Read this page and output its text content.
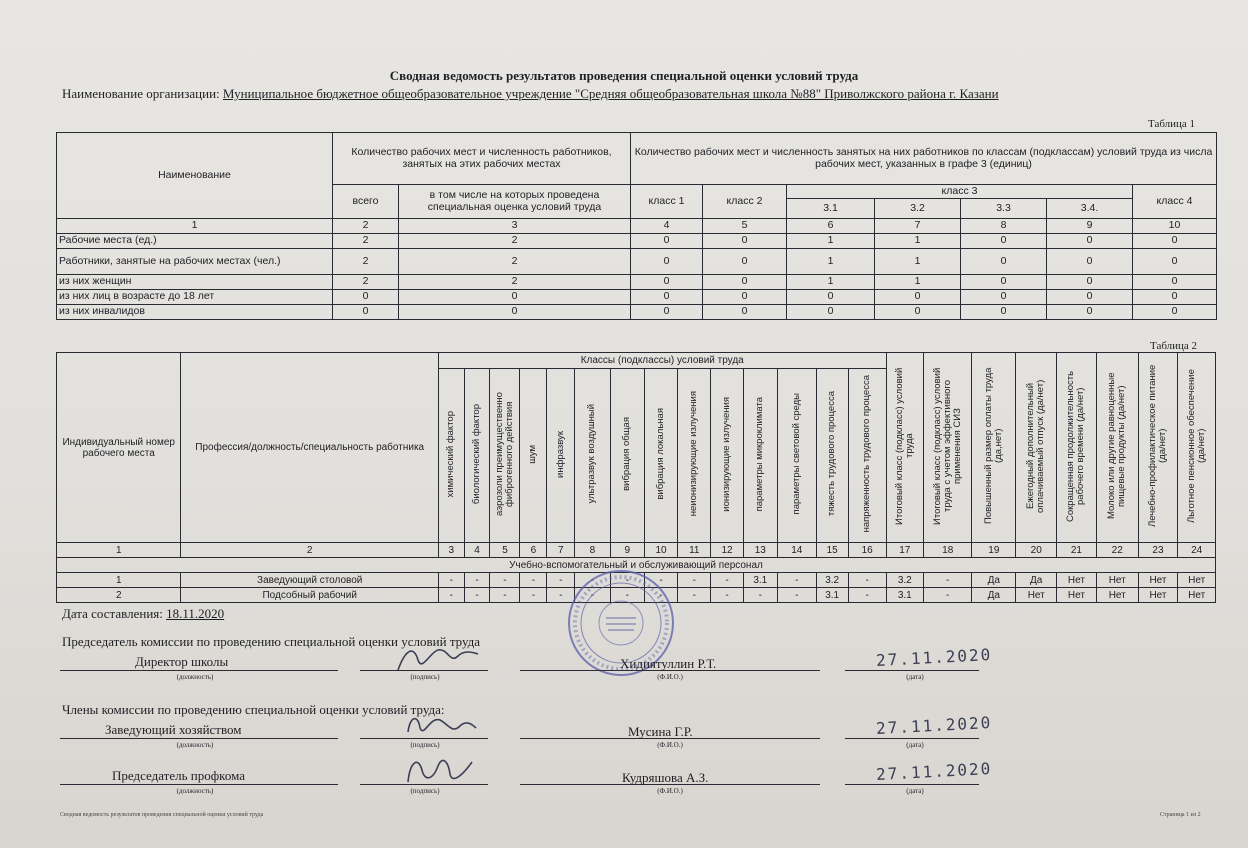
Сводная ведомость результатов проведения специальной оценки условий труда
Наименование организации: Муниципальное бюджетное общеобразовательное учреждение "Средняя общеобразовательная школа №88" Приволжского района г. Казани
Таблица 1
Наименование	Количество рабочих мест и численность работников, занятых на этих рабочих местах		Количество рабочих мест и численность занятых на них работников по классам (подклассам) условий труда из числа рабочих мест, указанных в графе 3 (единиц)						
	всего	в том числе на которых проведена специальная оценка условий труда	класс 1	класс 2	класс 3				класс 4
					3.1	3.2	3.3	3.4.	
1	2	3	4	5	6	7	8	9	10
Рабочие места (ед.)	2	2	0	0	1	1	0	0	0
Работники, занятые на рабочих местах (чел.)	2	2	0	0	1	1	0	0	0
из них женщин	2	2	0	0	1	1	0	0	0
из них лиц в возрасте до 18 лет	0	0	0	0	0	0	0	0	0
из них инвалидов	0	0	0	0	0	0	0	0	0
Таблица 2
Индивидуальный номер рабочего места	Профессия/должность/специальность работника	Классы (подклассы) условий труда														Итоговый класс (подкласс) условий труда	Итоговый класс (подкласс) условий труда с учетом эффективного применения СИЗ	Повышенный размер оплаты труда (да,нет)	Ежегодный дополнительный оплачиваемый отпуск (да/нет)	Сокращенная продолжительность рабочего времени (да/нет)	Молоко или другие равноценные пищевые продукты (да/нет)	Лечебно-профилактическое питание (да/нет)	Льготное пенсионное обеспечение (да/нет)
		химический фактор	биологический фактор	аэрозоли преимущественно фиброгенного действия	шум	инфразвук	ультразвук воздушный	вибрация общая	вибрация локальная	неионизирующие излучения	ионизирующие излучения	параметры микроклимата	параметры световой среды	тяжесть трудового процесса	напряженность трудового процесса								
1	2	3	4	5	6	7	8	9	10	11	12	13	14	15	16	17	18	19	20	21	22	23	24
Учебно-вспомогательный и обслуживающий персонал																							
1	Заведующий столовой	-	-	-	-	-	-	-	-	-	-	3.1	-	3.2	-	3.2	-	Да	Да	Нет	Нет	Нет	Нет
2	Подсобный рабочий	-	-	-	-	-	-	-	-	-	-	-	-	3.1	-	3.1	-	Да	Нет	Нет	Нет	Нет	Нет
Дата составления: 18.11.2020
Председатель комиссии по проведению специальной оценки условий труда
Директор школы	Хидиятуллин Р.Т.	27.11.2020
(должность)	(подпись)	(Ф.И.О.)	(дата)
Члены комиссии по проведению специальной оценки условий труда:
Заведующий хозяйством	Мусина Г.Р.	27.11.2020
(должность)	(подпись)	(Ф.И.О.)	(дата)
Председатель профкома	Кудряшова А.З.	27.11.2020
(должность)	(подпись)	(Ф.И.О.)	(дата)
Сводная ведомость результатов проведения специальной оценки условий труда	Страница 1 из 2
